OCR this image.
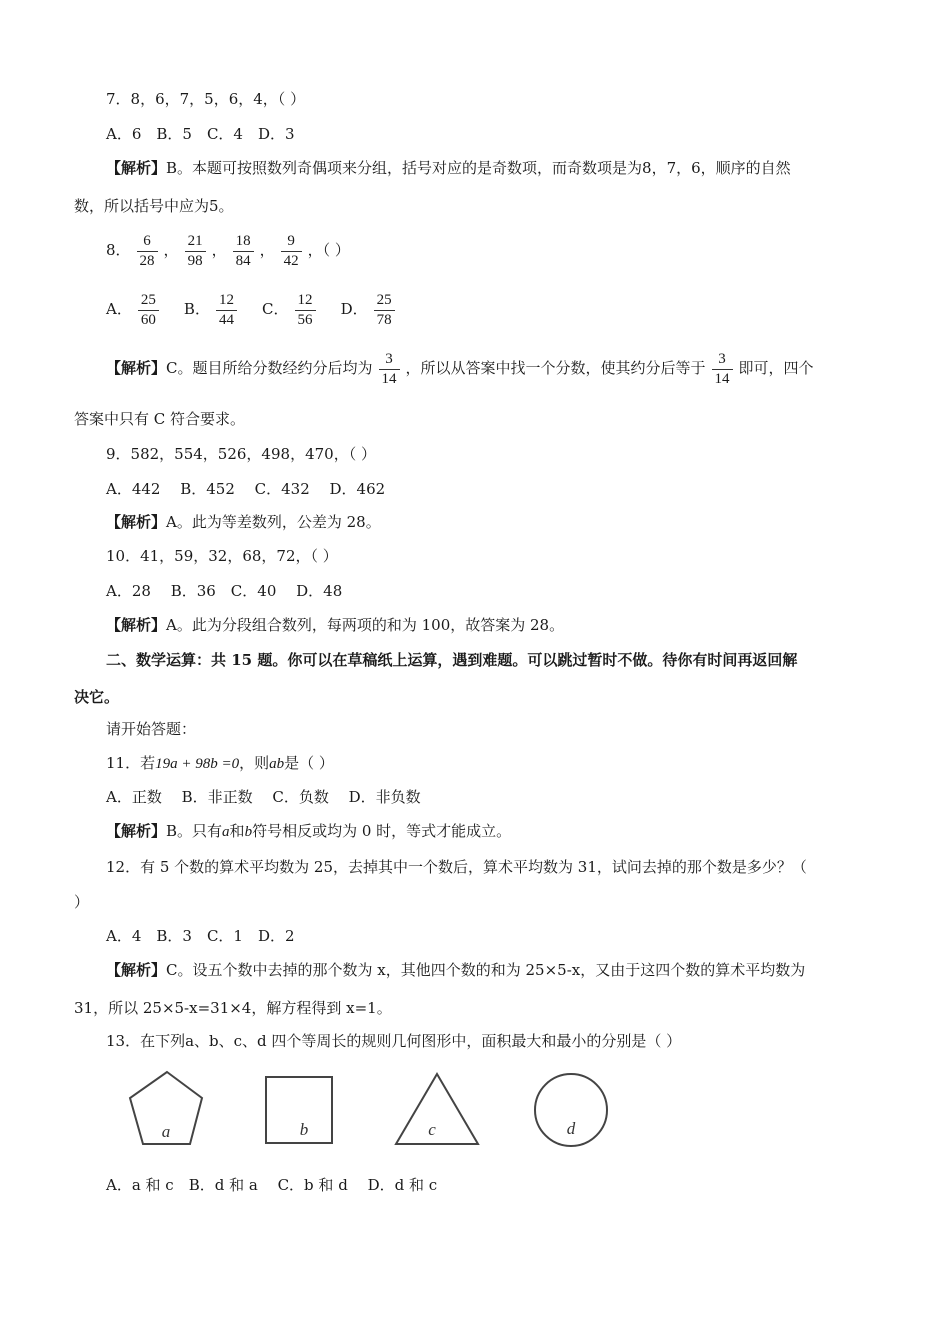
7．8，6，7，5，6，4，（ ）
A．6　B．5　C．4　D．3
【解析】B。本题可按照数列奇偶项来分组，括号对应的是奇数项，而奇数项是为8，7，6，顺序的自然
数，所以括号中应为5。
8． $\frac{6}{28}$ ， $\frac{21}{98}$ ， $\frac{18}{84}$ ， $\frac{9}{42}$ ，（ ）
A． $\frac{25}{60}$ B． $\frac{12}{44}$ C． $\frac{12}{56}$ D． $\frac{25}{78}$
【解析】C。题目所给分数经约分后均为 $\frac{3}{14}$ ，所以从答案中找一个分数，使其约分后等于 $\frac{3}{14}$ 即可，四个
答案中只有 C 符合要求。
9．582，554，526，498，470，（ ）
A．442　 B．452　 C．432　 D．462
【解析】A。此为等差数列，公差为 28。
10．41，59，32，68，72，（ ）
A．28　 B．36　C．40　 D．48
【解析】A。此为分段组合数列，每两项的和为 100，故答案为 28。
二、数学运算：共 15 题。你可以在草稿纸上运算，遇到难题。可以跳过暂时不做。待你有时间再返回解
决它。
请开始答题：
11．若19a + 98b =0，则ab是（ ）
A．正数　 B．非正数　 C．负数　 D．非负数
【解析】B。只有a和b符号相反或均为 0 时，等式才能成立。
12．有 5 个数的算术平均数为 25，去掉其中一个数后，算术平均数为 31，试问去掉的那个数是多少？（
）
A．4　B．3　C．1　D．2
【解析】C。设五个数中去掉的那个数为 x，其他四个数的和为 25×5-x，又由于这四个数的算术平均数为
31，所以 25×5-x=31×4，解方程得到 x=1。
13．在下列a、b、c、d 四个等周长的规则几何图形中，面积最大和最小的分别是（ ）
a	b	c	d
A．a 和 c　B．d 和 a　 C．b 和 d　 D．d 和 c
